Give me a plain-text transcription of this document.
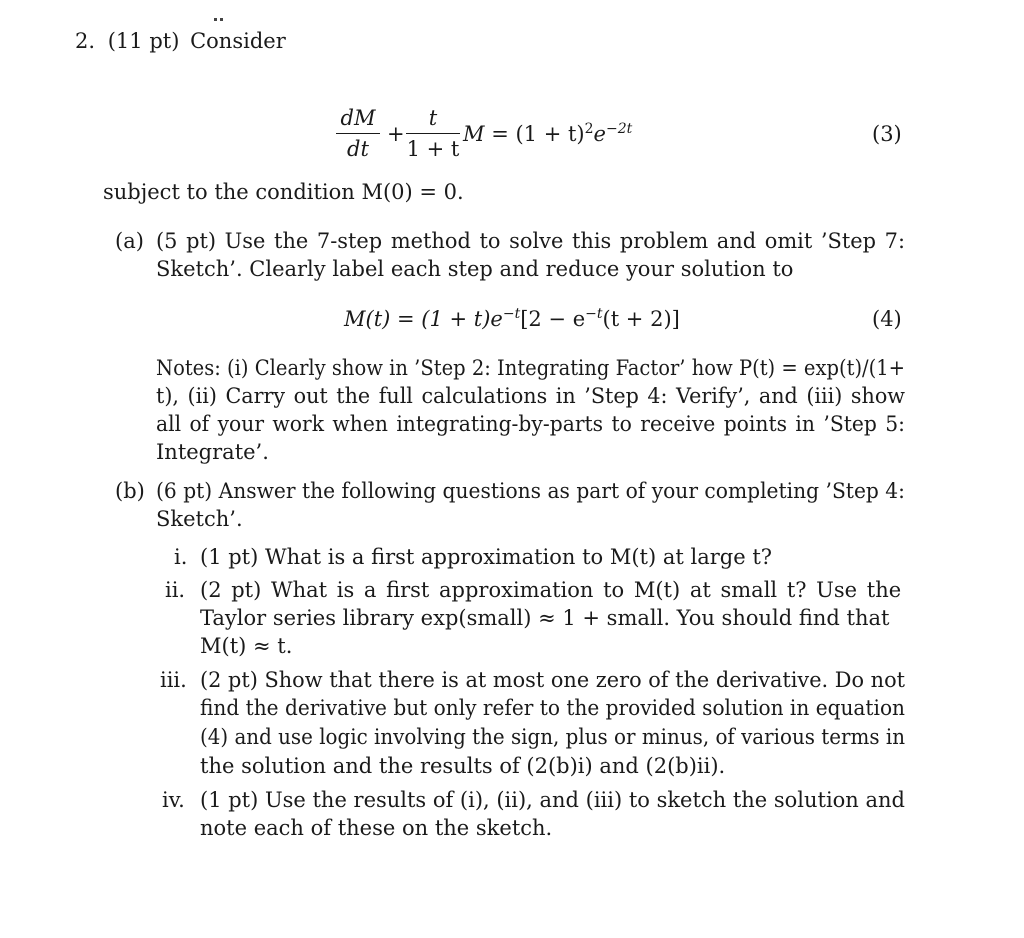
2. (11 pt) Consider
dM
dt
+
t
1 + t
$M = (1 + t)^2e^{-2t}$	(3)
subject to the condition M(0) = 0.
(a) (5 pt) Use the 7-step method to solve this problem and omit ’Step 7:
Sketch’. Clearly label each step and reduce your solution to
$M(t) = (1 + t)e^{-t}[2 - e^{-t}(t + 2)]$	(4)
Notes: (i) Clearly show in ’Step 2: Integrating Factor’ how P(t) = exp(t)/(1+
t), (ii) Carry out the full calculations in ’Step 4: Verify’, and (iii) show
all of your work when integrating-by-parts to receive points in ’Step 5:
Integrate’.
(b) (6 pt) Answer the following questions as part of your completing ’Step 4:
Sketch’.
i. (1 pt) What is a first approximation to M(t) at large t?
ii. (2 pt) What is a first approximation to M(t) at small t? Use the
Taylor series library exp(small) ≈ 1 + small. You should find that
M(t) ≈ t.
iii. (2 pt) Show that there is at most one zero of the derivative. Do not
find the derivative but only refer to the provided solution in equation
(4) and use logic involving the sign, plus or minus, of various terms in
the solution and the results of (2(b)i) and (2(b)ii).
iv. (1 pt) Use the results of (i), (ii), and (iii) to sketch the solution and
note each of these on the sketch.
